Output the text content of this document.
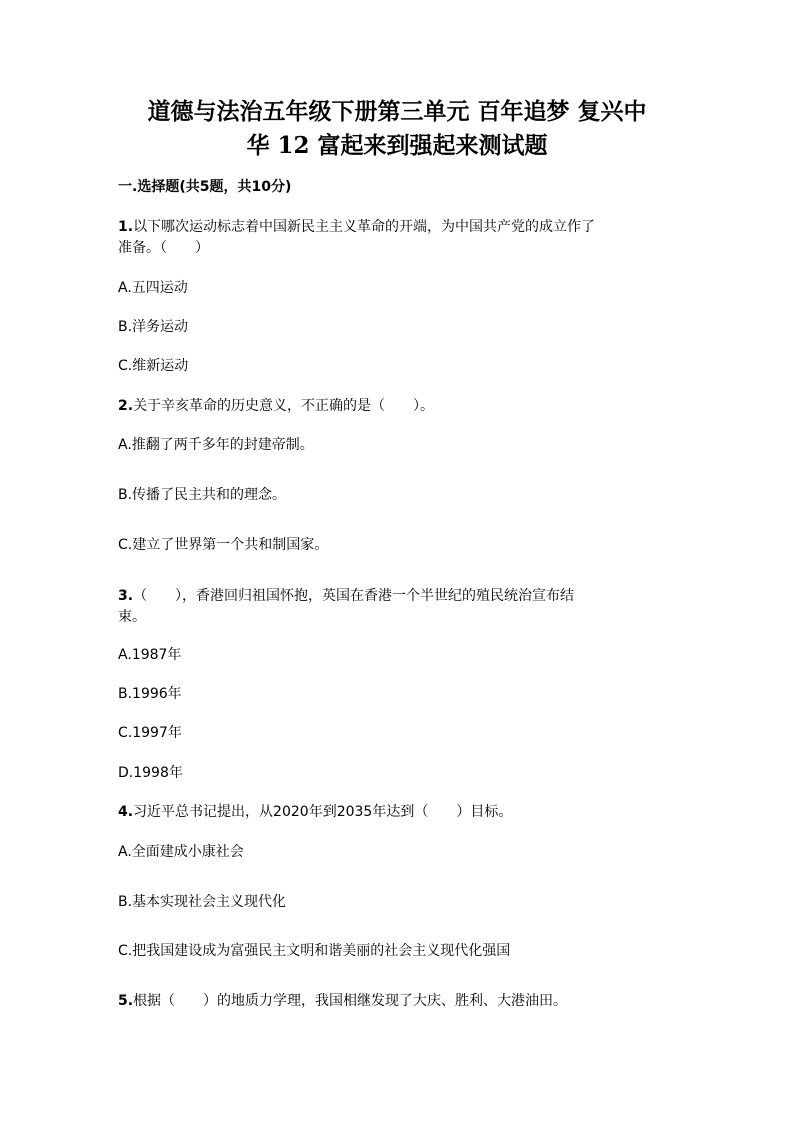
道德与法治五年级下册第三单元 百年追梦 复兴中
华 12 富起来到强起来测试题
一.选择题(共5题，共10分)
1.以下哪次运动标志着中国新民主主义革命的开端，为中国共产党的成立作了
准备。（　　）
A.五四运动
B.洋务运动
C.维新运动
2.关于辛亥革命的历史意义，不正确的是（　　）。
A.推翻了两千多年的封建帝制。
B.传播了民主共和的理念。
C.建立了世界第一个共和制国家。
3.（　　），香港回归祖国怀抱，英国在香港一个半世纪的殖民统治宣布结
束。
A.1987年
B.1996年
C.1997年
D.1998年
4.习近平总书记提出，从2020年到2035年达到（　　）目标。
A.全面建成小康社会
B.基本实现社会主义现代化
C.把我国建设成为富强民主文明和谐美丽的社会主义现代化强国
5.根据（　　）的地质力学理，我国相继发现了大庆、胜利、大港油田。
